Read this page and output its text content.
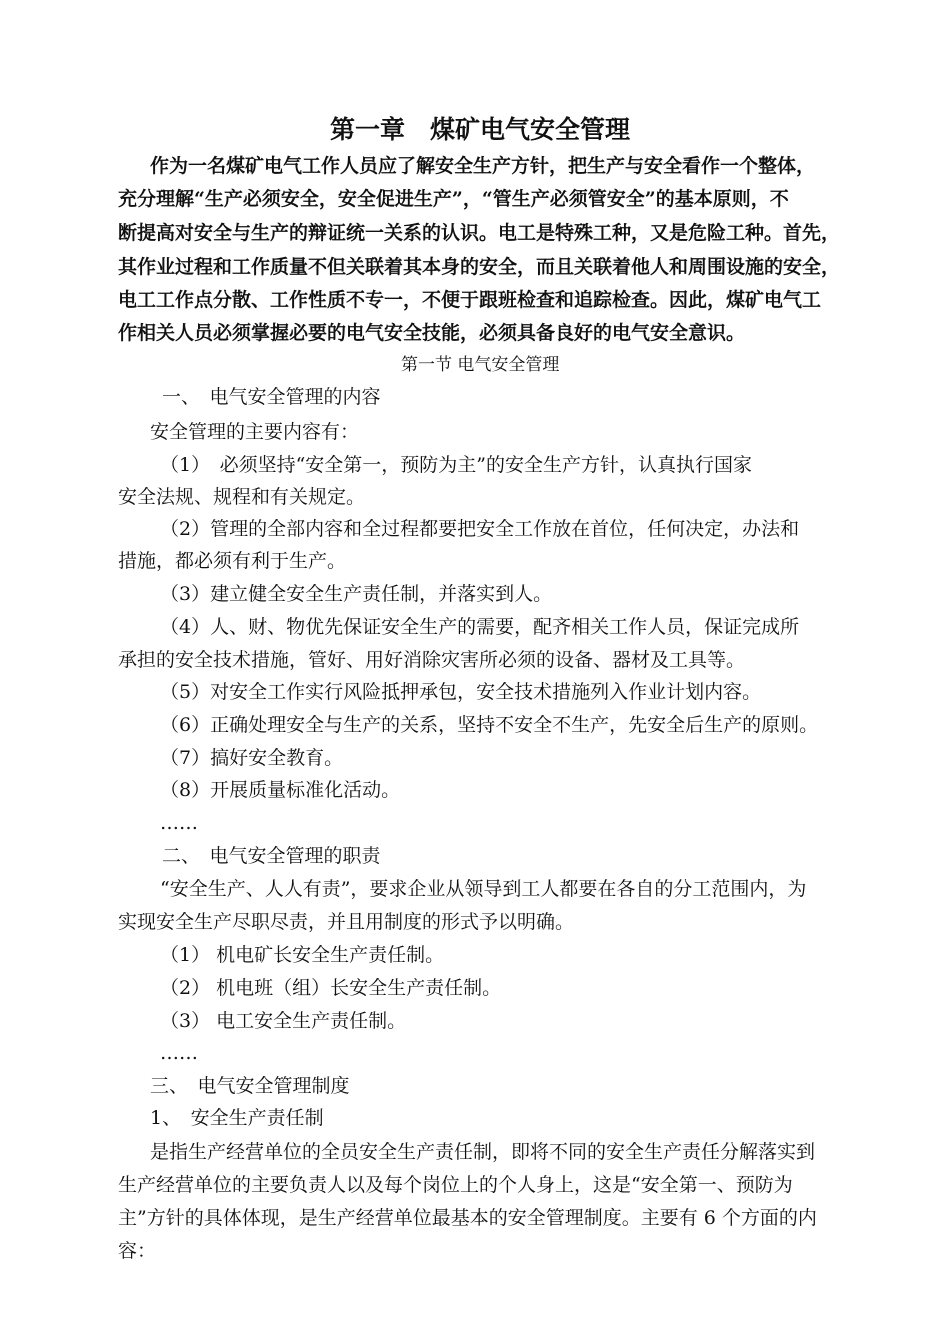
第一章　煤矿电气安全管理
作为一名煤矿电气工作人员应了解安全生产方针，把生产与安全看作一个整体，
充分理解“生产必须安全，安全促进生产”，“管生产必须管安全”的基本原则，不
断提高对安全与生产的辩证统一关系的认识。电工是特殊工种，又是危险工种。首先，
其作业过程和工作质量不但关联着其本身的安全，而且关联着他人和周围设施的安全，
电工工作点分散、工作性质不专一，不便于跟班检查和追踪检查。因此，煤矿电气工
作相关人员必须掌握必要的电气安全技能，必须具备良好的电气安全意识。
第一节 电气安全管理
一、　电气安全管理的内容
安全管理的主要内容有：
（1）　必须坚持“安全第一，预防为主”的安全生产方针，认真执行国家
安全法规、规程和有关规定。
（2）管理的全部内容和全过程都要把安全工作放在首位，任何决定，办法和
措施，都必须有利于生产。
（3）建立健全安全生产责任制，并落实到人。
（4）人、财、物优先保证安全生产的需要，配齐相关工作人员，保证完成所
承担的安全技术措施，管好、用好消除灾害所必须的设备、器材及工具等。
（5）对安全工作实行风险抵押承包，安全技术措施列入作业计划内容。
（6）正确处理安全与生产的关系，坚持不安全不生产，先安全后生产的原则。
（7）搞好安全教育。
（8）开展质量标准化活动。
……
二、　电气安全管理的职责
“安全生产、人人有责”，要求企业从领导到工人都要在各自的分工范围内，为
实现安全生产尽职尽责，并且用制度的形式予以明确。
（1） 机电矿长安全生产责任制。
（2） 机电班（组）长安全生产责任制。
（3） 电工安全生产责任制。
……
三、　电气安全管理制度
1、　安全生产责任制
是指生产经营单位的全员安全生产责任制，即将不同的安全生产责任分解落实到
生产经营单位的主要负责人以及每个岗位上的个人身上，这是“安全第一、预防为
主”方针的具体体现，是生产经营单位最基本的安全管理制度。主要有 6 个方面的内
容：
